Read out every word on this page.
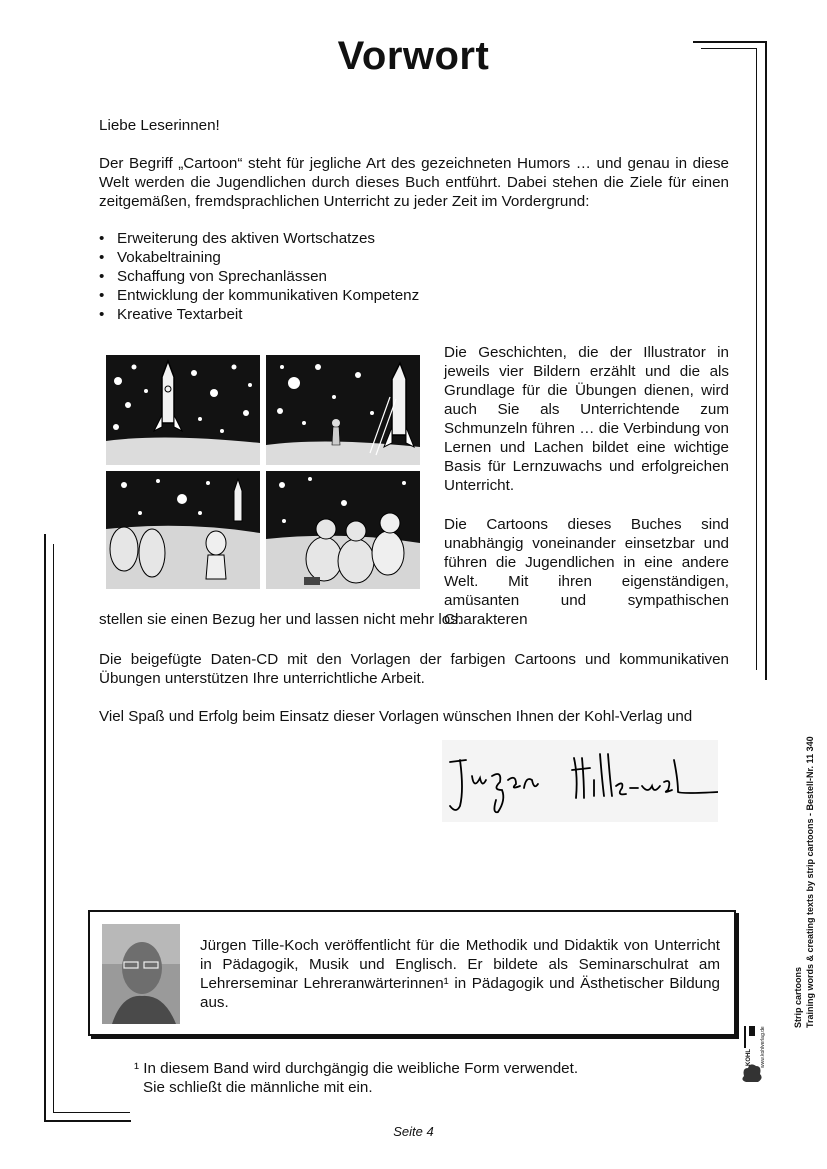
Vorwort
Liebe Leserinnen!
Der Begriff „Cartoon“ steht für jegliche Art des gezeichneten Humors … und genau in diese Welt werden die Jugendlichen durch dieses Buch entführt. Dabei stehen die Ziele für einen zeitgemäßen, fremdsprachlichen Unterricht zu jeder Zeit im Vordergrund:
• Erweiterung des aktiven Wortschatzes
• Vokabeltraining
• Schaffung von Sprechanlässen
• Entwicklung der kommunikativen Kompetenz
• Kreative Textarbeit
Die Geschichten, die der Illustrator in jeweils vier Bildern erzählt und die als Grundlage für die Übungen dienen, wird auch Sie als Unterrichtende zum Schmunzeln führen … die Verbindung von Lernen und Lachen bildet eine wichtige Basis für Lernzuwachs und erfolgreichen Unterricht.
Die Cartoons dieses Buches sind unabhängig voneinander einsetzbar und führen die Jugendlichen in eine andere Welt. Mit ihren eigenständigen, amüsanten und sympathischen Charakteren
stellen sie einen Bezug her und lassen nicht mehr los.
Die beigefügte Daten-CD mit den Vorlagen der farbigen Cartoons und kommunikativen Übungen unterstützen Ihre unterrichtliche Arbeit.
Viel Spaß und Erfolg beim Einsatz dieser Vorlagen wünschen Ihnen der Kohl-Verlag und
Jürgen Tille-Koch veröffentlicht für die Methodik und Didaktik von Unterricht in Pädagogik, Musik und Englisch. Er bildete als Seminarschulrat am Lehrerseminar Lehreranwärterinnen¹ in Pädagogik und Ästhetischer Bildung aus.
¹ In diesem Band wird durchgängig die weibliche Form verwendet.
Sie schließt die männliche mit ein.
Seite 4
Strip cartoons Training words & creating texts by strip cartoons - Bestell-Nr. 11 340
KOHL www.kohlverlag.de
